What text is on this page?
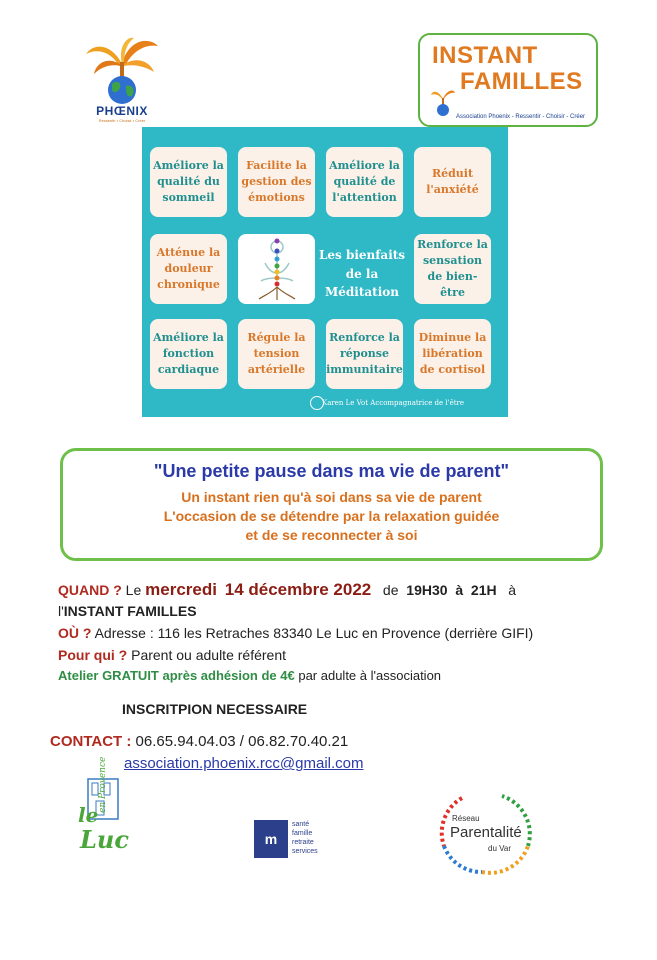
PHŒNIX
Ressentir • Choisir • Créer
INSTANT
FAMILLES
Association Phoenix - Ressentir - Choisir - Créer
Améliore la qualité du sommeil
Facilite la gestion des émotions
Améliore la qualité de l'attention
Réduit l'anxiété
Atténue la douleur chronique
Les bienfaits de la Méditation
Renforce la sensation de bien-être
Améliore la fonction cardiaque
Régule la tension artérielle
Renforce la réponse immunitaire
Diminue la libération de cortisol
Karen Le Vot Accompagnatrice de l'être
"Une petite pause dans ma vie de parent"
Un instant rien qu'à soi dans sa vie de parent
L'occasion de se détendre par la relaxation guidée
et de se reconnecter à soi
QUAND ? Le mercredi 14 décembre 2022 de 19H30 à 21H à
l'INSTANT FAMILLES
OÙ ? Adresse : 116 les Retraches 83340 Le Luc en Provence (derrière GIFI)
Pour qui ? Parent ou adulte référent
Atelier GRATUIT après adhésion de 4€ par adulte à l'association
INSCRITPION NECESSAIRE
CONTACT : 06.65.94.04.03 / 06.82.70.40.21
association.phoenix.rcc@gmail.com
le
Luc
en Provence
m
santé
famille
retraite
services
Réseau
Parentalité
du Var
